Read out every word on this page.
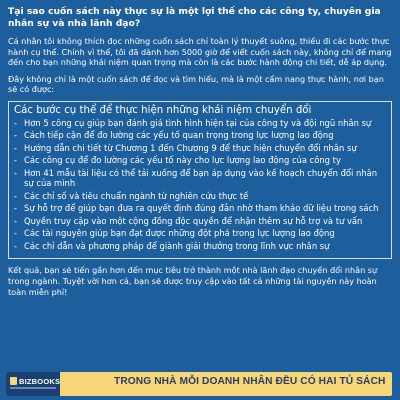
Tại sao cuốn sách này thực sự là một lợi thế cho các công ty, chuyên gia nhân sự và nhà lãnh đạo?
Cá nhân tôi không thích đọc những cuốn sách chỉ toàn lý thuyết suông, thiếu đi các bước thực hành cụ thể. Chính vì thế, tôi đã dành hơn 5000 giờ để viết cuốn sách này, không chỉ để mang đến cho bạn những khái niệm quan trọng mà còn là các bước hành động chi tiết, dễ áp dụng.
Đây không chỉ là một cuốn sách để đọc và tìm hiểu, mà là một cẩm nang thực hành, nơi bạn sẽ có được:
Các bước cụ thể để thực hiện những khái niệm chuyển đổi
- Hơn 5 công cụ giúp bạn đánh giá tình hình hiện tại của công ty và đội ngũ nhân sự
- Cách tiếp cận để đo lường các yếu tố quan trọng trong lực lượng lao động
- Hướng dẫn chi tiết từ Chương 1 đến Chương 9 để thực hiện chuyển đổi nhân sự
- Các công cụ để đo lường các yếu tố này cho lực lượng lao động của công ty
- Hơn 41 mẫu tài liệu có thể tải xuống để bạn áp dụng vào kế hoạch chuyển đổi nhân sự của mình
- Các chỉ số và tiêu chuẩn ngành từ nghiên cứu thực tế
- Sự hỗ trợ để giúp bạn đưa ra quyết định đúng đắn nhờ tham khảo dữ liệu trong sách
- Quyền truy cập vào một cộng đồng độc quyền để nhận thêm sự hỗ trợ và tư vấn
- Các tài nguyên giúp bạn đạt được những đột phá trong lực lượng lao động
- Các chỉ dẫn và phương pháp để giành giải thưởng trong lĩnh vực nhân sự
Kết quả, bạn sẽ tiến gần hơn đến mục tiêu trở thành một nhà lãnh đạo chuyển đổi nhân sự trong ngành. Tuyệt vời hơn cả, bạn sẽ được truy cập vào tất cả những tài nguyên này hoàn toàn miễn phí!
BIZBOOKS	TRONG NHÀ MỖI DOANH NHÂN ĐỀU CÓ HAI TỦ SÁCH
